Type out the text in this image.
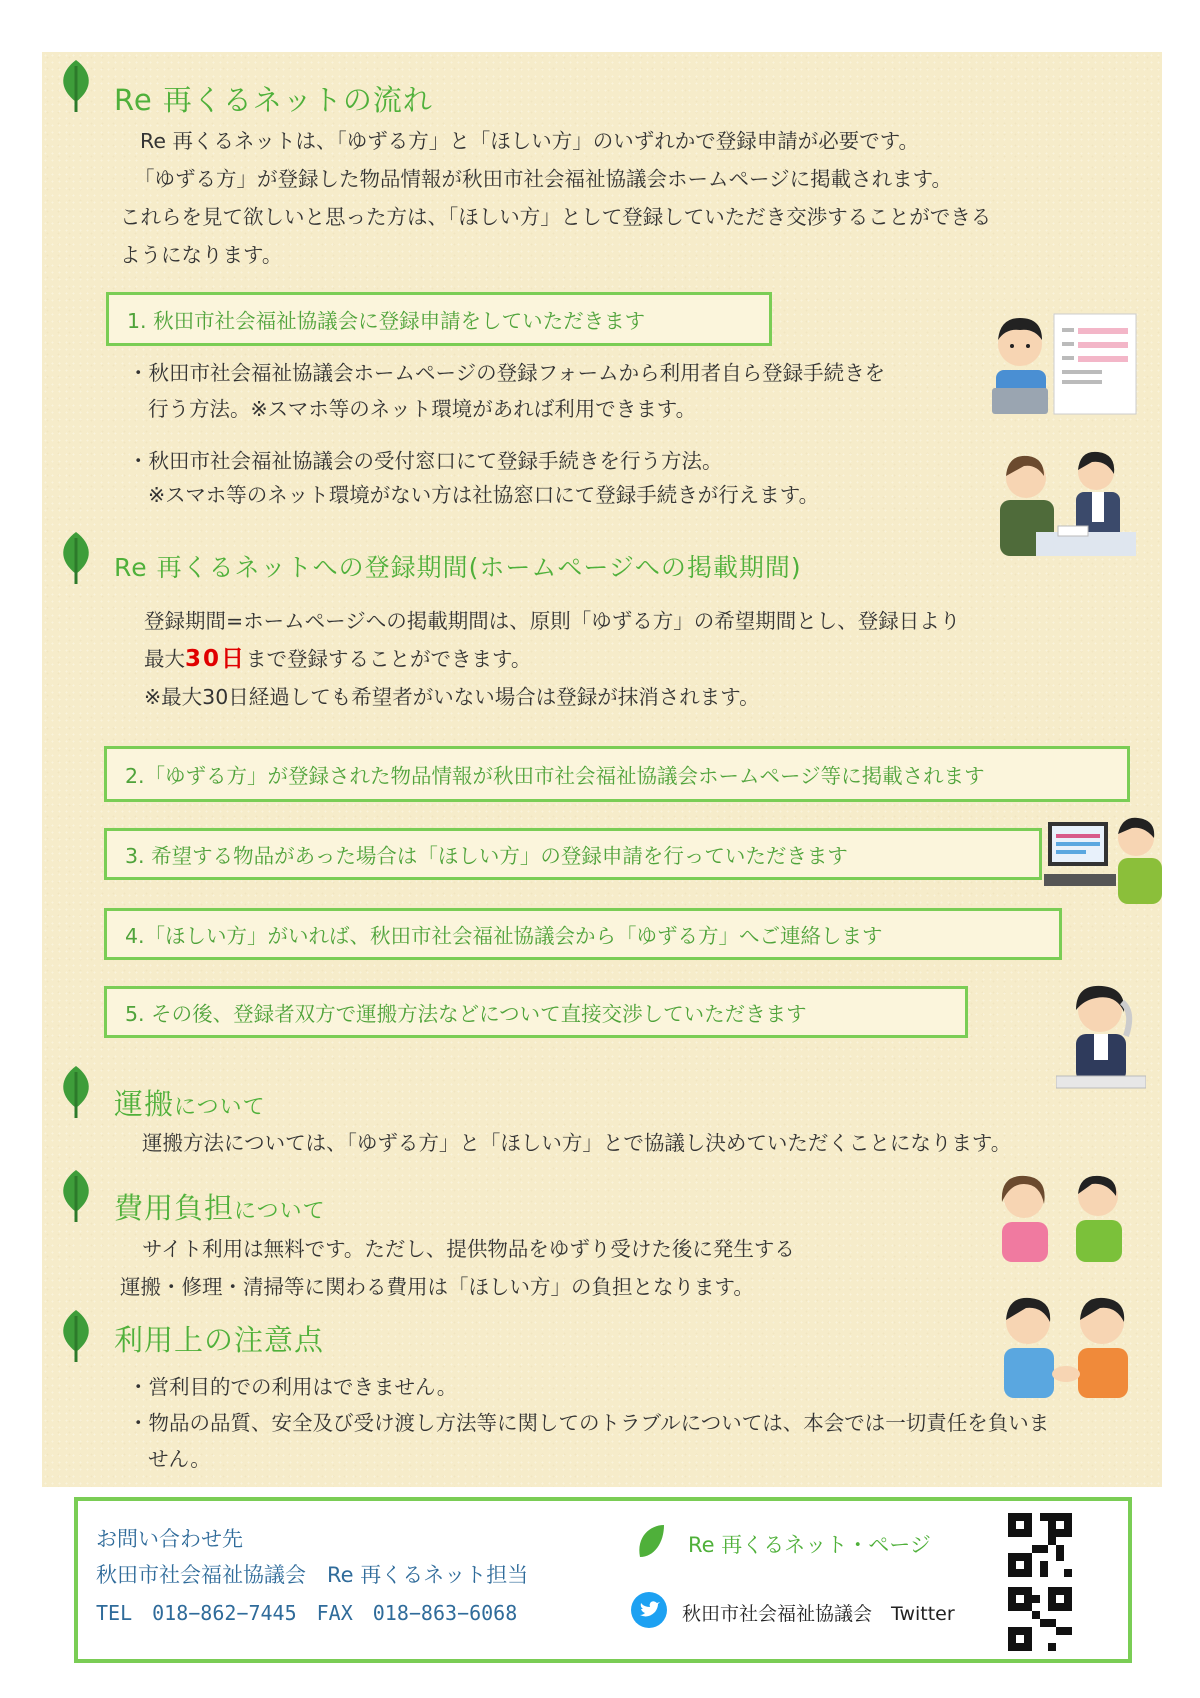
Re 再くるネットの流れ
Re 再くるネットは、「ゆずる方」と「ほしい方」のいずれかで登録申請が必要です。
「ゆずる方」が登録した物品情報が秋田市社会福祉協議会ホームページに掲載されます。
これらを見て欲しいと思った方は、「ほしい方」として登録していただき交渉することができる
ようになります。
1. 秋田市社会福祉協議会に登録申請をしていただきます
・秋田市社会福祉協議会ホームページの登録フォームから利用者自ら登録手続きを
行う方法。※スマホ等のネット環境があれば利用できます。
・秋田市社会福祉協議会の受付窓口にて登録手続きを行う方法。
※スマホ等のネット環境がない方は社協窓口にて登録手続きが行えます。
Re 再くるネットへの登録期間(ホームページへの掲載期間)
登録期間=ホームページへの掲載期間は、原則「ゆずる方」の希望期間とし、登録日より
最大30日まで登録することができます。
※最大30日経過しても希望者がいない場合は登録が抹消されます。
2.「ゆずる方」が登録された物品情報が秋田市社会福祉協議会ホームページ等に掲載されます
3. 希望する物品があった場合は「ほしい方」の登録申請を行っていただきます
4.「ほしい方」がいれば、秋田市社会福祉協議会から「ゆずる方」へご連絡します
5. その後、登録者双方で運搬方法などについて直接交渉していただきます
運搬について
運搬方法については、「ゆずる方」と「ほしい方」とで協議し決めていただくことになります。
費用負担について
サイト利用は無料です。ただし、提供物品をゆずり受けた後に発生する
運搬・修理・清掃等に関わる費用は「ほしい方」の負担となります。
利用上の注意点
・営利目的での利用はできません。
・物品の品質、安全及び受け渡し方法等に関してのトラブルについては、本会では一切責任を負いま
せん。
お問い合わせ先
秋田市社会福祉協議会　Re 再くるネット担当
TEL　018−862−7445　FAX　018−863−6068
Re 再くるネット・ページ
秋田市社会福祉協議会　Twitter
